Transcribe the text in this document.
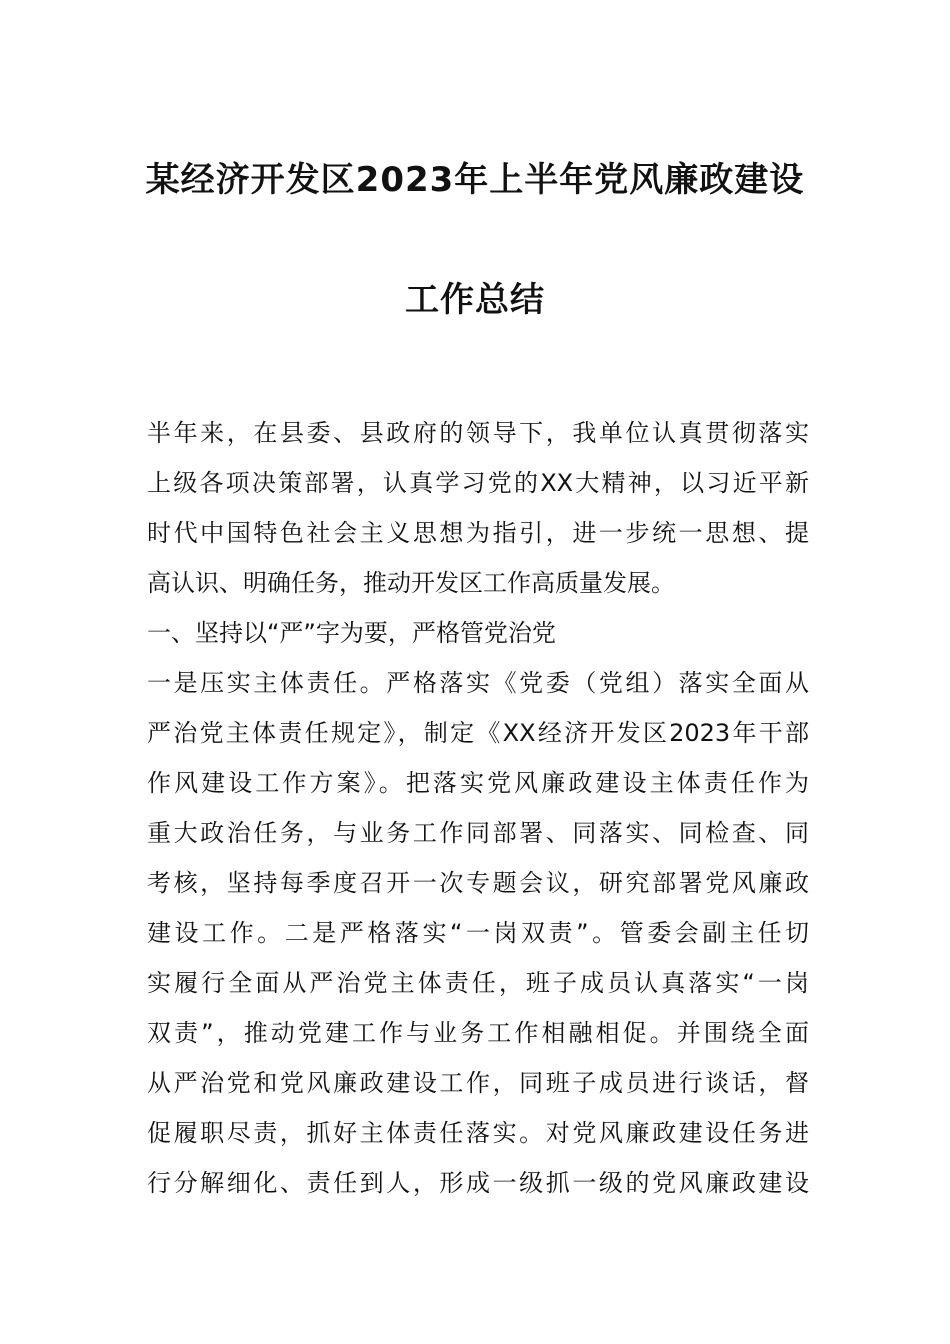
某经济开发区2023年上半年党风廉政建设
工作总结
半年来，在县委、县政府的领导下，我单位认真贯彻落实
上级各项决策部署，认真学习党的XX大精神，以习近平新
时代中国特色社会主义思想为指引，进一步统一思想、提
高认识、明确任务，推动开发区工作高质量发展。
一、坚持以“严”字为要，严格管党治党
一是压实主体责任。严格落实《党委（党组）落实全面从
严治党主体责任规定》，制定《XX经济开发区2023年干部
作风建设工作方案》。把落实党风廉政建设主体责任作为
重大政治任务，与业务工作同部署、同落实、同检查、同
考核，坚持每季度召开一次专题会议，研究部署党风廉政
建设工作。二是严格落实“一岗双责”。管委会副主任切
实履行全面从严治党主体责任，班子成员认真落实“一岗
双责”，推动党建工作与业务工作相融相促。并围绕全面
从严治党和党风廉政建设工作，同班子成员进行谈话，督
促履职尽责，抓好主体责任落实。对党风廉政建设任务进
行分解细化、责任到人，形成一级抓一级的党风廉政建设
